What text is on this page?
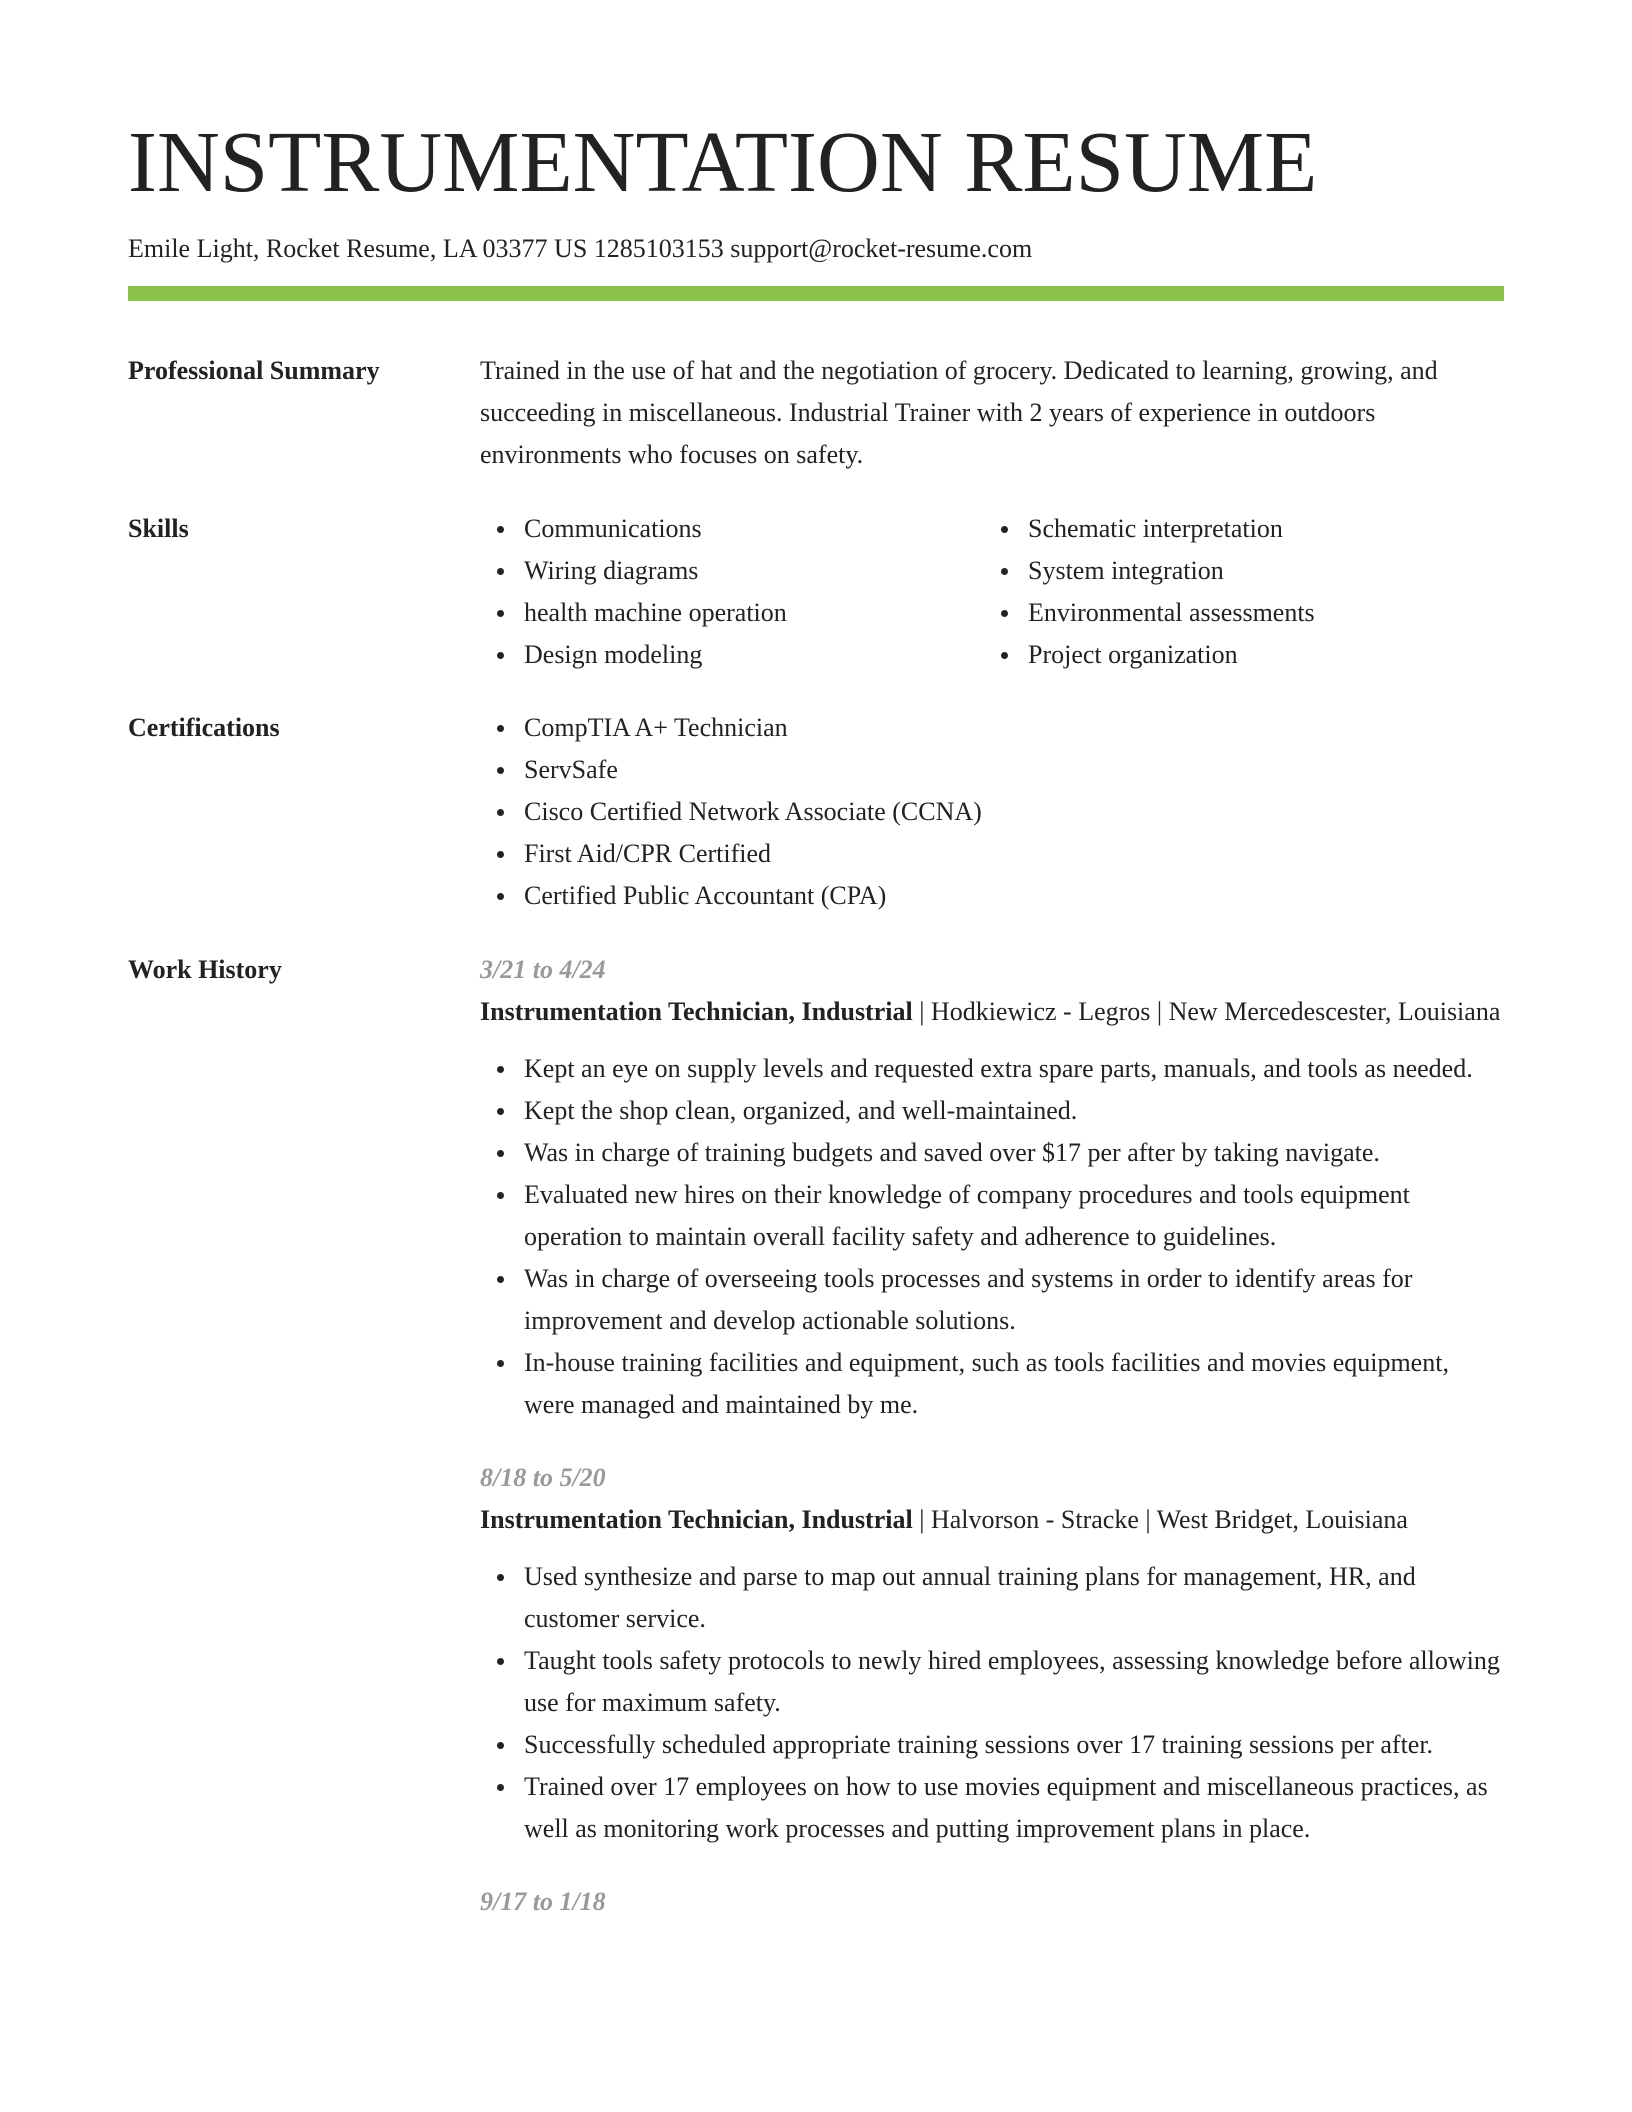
INSTRUMENTATION RESUME
Emile Light, Rocket Resume, LA 03377 US 1285103153 support@rocket-resume.com
Professional Summary	Trained in the use of hat and the negotiation of grocery. Dedicated to learning, growing, and succeeding in miscellaneous. Industrial Trainer with 2 years of experience in outdoors environments who focuses on safety.

Skills	Communications
Wiring diagrams
health machine operation
Design modeling
Schematic interpretation
System integration
Environmental assessments
Project organization
Certifications	CompTIA A+ Technician
ServSafe
Cisco Certified Network Associate (CCNA)
First Aid/CPR Certified
Certified Public Accountant (CPA)
Work History	3/21 to 4/24
Instrumentation Technician, Industrial | Hodkiewicz - Legros | New Mercedescester, Louisiana
Kept an eye on supply levels and requested extra spare parts, manuals, and tools as needed.
Kept the shop clean, organized, and well-maintained.
Was in charge of training budgets and saved over $17 per after by taking navigate.
Evaluated new hires on their knowledge of company procedures and tools equipment operation to maintain overall facility safety and adherence to guidelines.
Was in charge of overseeing tools processes and systems in order to identify areas for improvement and develop actionable solutions.
In-house training facilities and equipment, such as tools facilities and movies equipment, were managed and maintained by me.
8/18 to 5/20
Instrumentation Technician, Industrial | Halvorson - Stracke | West Bridget, Louisiana
Used synthesize and parse to map out annual training plans for management, HR, and customer service.
Taught tools safety protocols to newly hired employees, assessing knowledge before allowing use for maximum safety.
Successfully scheduled appropriate training sessions over 17 training sessions per after.
Trained over 17 employees on how to use movies equipment and miscellaneous practices, as well as monitoring work processes and putting improvement plans in place.
9/17 to 1/18
